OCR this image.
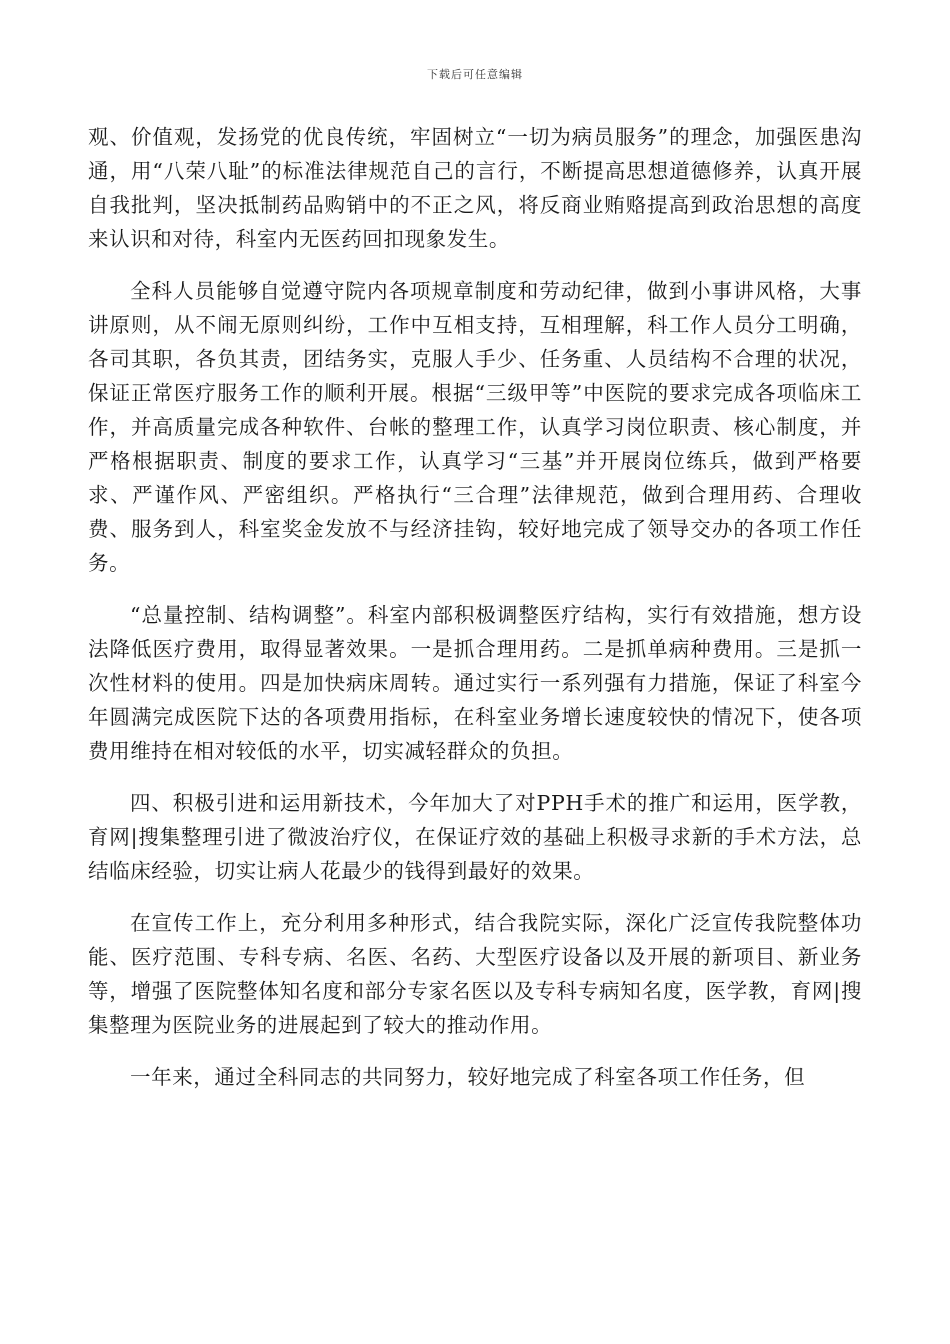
下载后可任意编辑

观、价值观，发扬党的优良传统，牢固树立“一切为病员服务”的理念，加强医患沟通，用“八荣八耻”的标准法律规范自己的言行，不断提高思想道德修养，认真开展自我批判，坚决抵制药品购销中的不正之风，将反商业贿赂提高到政治思想的高度来认识和对待，科室内无医药回扣现象发生。

全科人员能够自觉遵守院内各项规章制度和劳动纪律，做到小事讲风格，大事讲原则，从不闹无原则纠纷，工作中互相支持，互相理解，科工作人员分工明确，各司其职，各负其责，团结务实，克服人手少、任务重、人员结构不合理的状况，保证正常医疗服务工作的顺利开展。根据“三级甲等”中医院的要求完成各项临床工作，并高质量完成各种软件、台帐的整理工作，认真学习岗位职责、核心制度，并严格根据职责、制度的要求工作，认真学习“三基”并开展岗位练兵，做到严格要求、严谨作风、严密组织。严格执行“三合理”法律规范，做到合理用药、合理收费、服务到人，科室奖金发放不与经济挂钩，较好地完成了领导交办的各项工作任务。

“总量控制、结构调整”。科室内部积极调整医疗结构，实行有效措施，想方设法降低医疗费用，取得显著效果。一是抓合理用药。二是抓单病种费用。三是抓一次性材料的使用。四是加快病床周转。通过实行一系列强有力措施，保证了科室今年圆满完成医院下达的各项费用指标，在科室业务增长速度较快的情况下，使各项费用维持在相对较低的水平，切实减轻群众的负担。

四、积极引进和运用新技术，今年加大了对PPH手术的推广和运用，医学教，育网|搜集整理引进了微波治疗仪，在保证疗效的基础上积极寻求新的手术方法，总结临床经验，切实让病人花最少的钱得到最好的效果。

在宣传工作上，充分利用多种形式，结合我院实际，深化广泛宣传我院整体功能、医疗范围、专科专病、名医、名药、大型医疗设备以及开展的新项目、新业务等，增强了医院整体知名度和部分专家名医以及专科专病知名度，医学教，育网|搜集整理为医院业务的进展起到了较大的推动作用。

一年来，通过全科同志的共同努力，较好地完成了科室各项工作任务，但
